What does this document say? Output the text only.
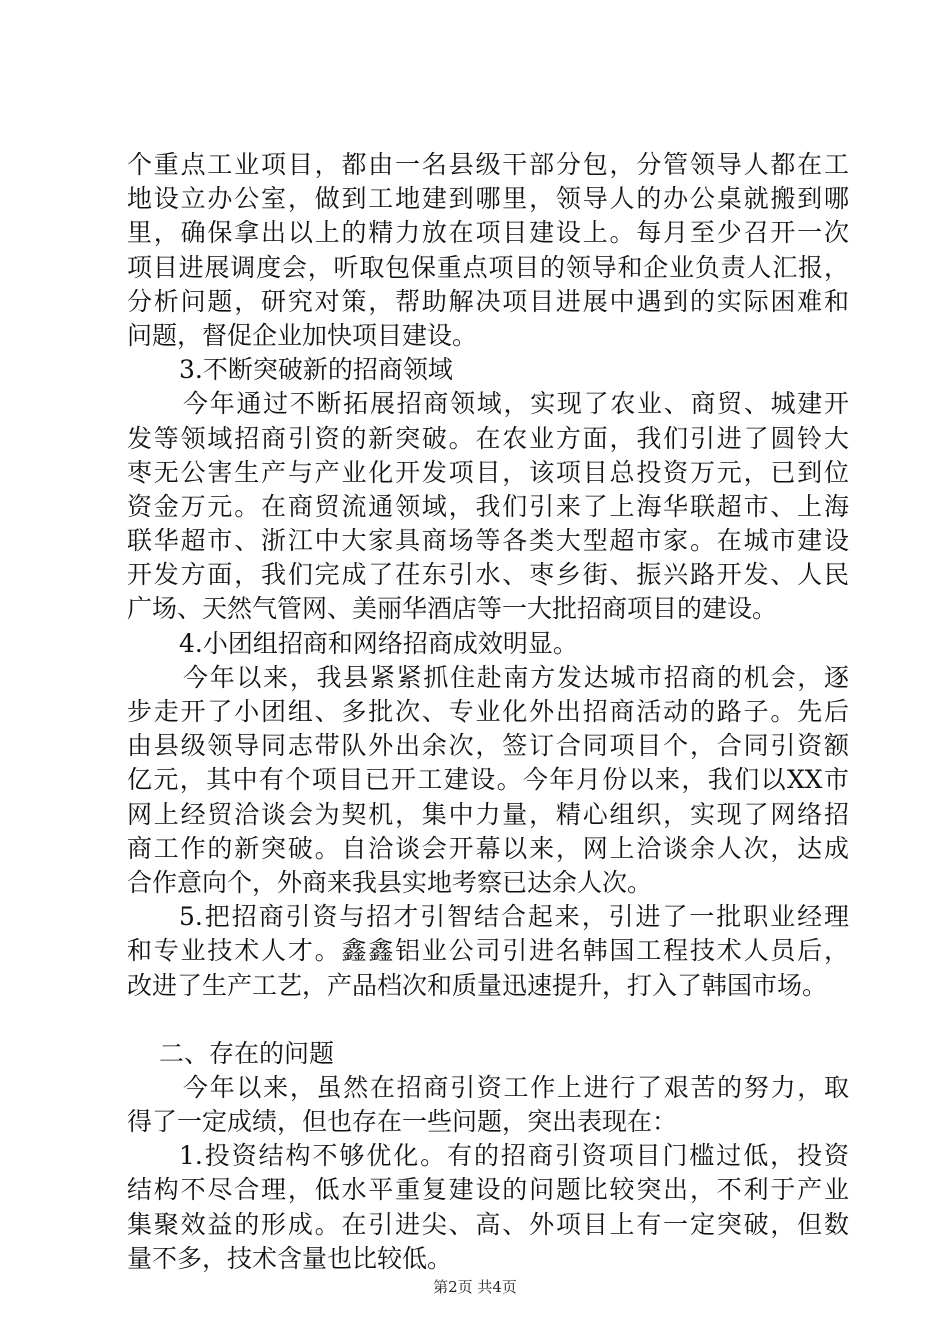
个重点工业项目，都由一名县级干部分包，分管领导人都在工
地设立办公室，做到工地建到哪里，领导人的办公桌就搬到哪
里，确保拿出以上的精力放在项目建设上。每月至少召开一次
项目进展调度会，听取包保重点项目的领导和企业负责人汇报，
分析问题，研究对策，帮助解决项目进展中遇到的实际困难和
问题，督促企业加快项目建设。
3.不断突破新的招商领域
今年通过不断拓展招商领域，实现了农业、商贸、城建开
发等领域招商引资的新突破。在农业方面，我们引进了圆铃大
枣无公害生产与产业化开发项目，该项目总投资万元，已到位
资金万元。在商贸流通领域，我们引来了上海华联超市、上海
联华超市、浙江中大家具商场等各类大型超市家。在城市建设
开发方面，我们完成了茌东引水、枣乡街、振兴路开发、人民
广场、天然气管网、美丽华酒店等一大批招商项目的建设。
4.小团组招商和网络招商成效明显。
今年以来，我县紧紧抓住赴南方发达城市招商的机会，逐
步走开了小团组、多批次、专业化外出招商活动的路子。先后
由县级领导同志带队外出余次，签订合同项目个，合同引资额
亿元，其中有个项目已开工建设。今年月份以来，我们以XX市
网上经贸洽谈会为契机，集中力量，精心组织，实现了网络招
商工作的新突破。自洽谈会开幕以来，网上洽谈余人次，达成
合作意向个，外商来我县实地考察已达余人次。
5.把招商引资与招才引智结合起来，引进了一批职业经理
和专业技术人才。鑫鑫铝业公司引进名韩国工程技术人员后，
改进了生产工艺，产品档次和质量迅速提升，打入了韩国市场。
二、存在的问题
今年以来，虽然在招商引资工作上进行了艰苦的努力，取
得了一定成绩，但也存在一些问题，突出表现在：
1.投资结构不够优化。有的招商引资项目门槛过低，投资
结构不尽合理，低水平重复建设的问题比较突出，不利于产业
集聚效益的形成。在引进尖、高、外项目上有一定突破，但数
量不多，技术含量也比较低。
第2页 共4页
